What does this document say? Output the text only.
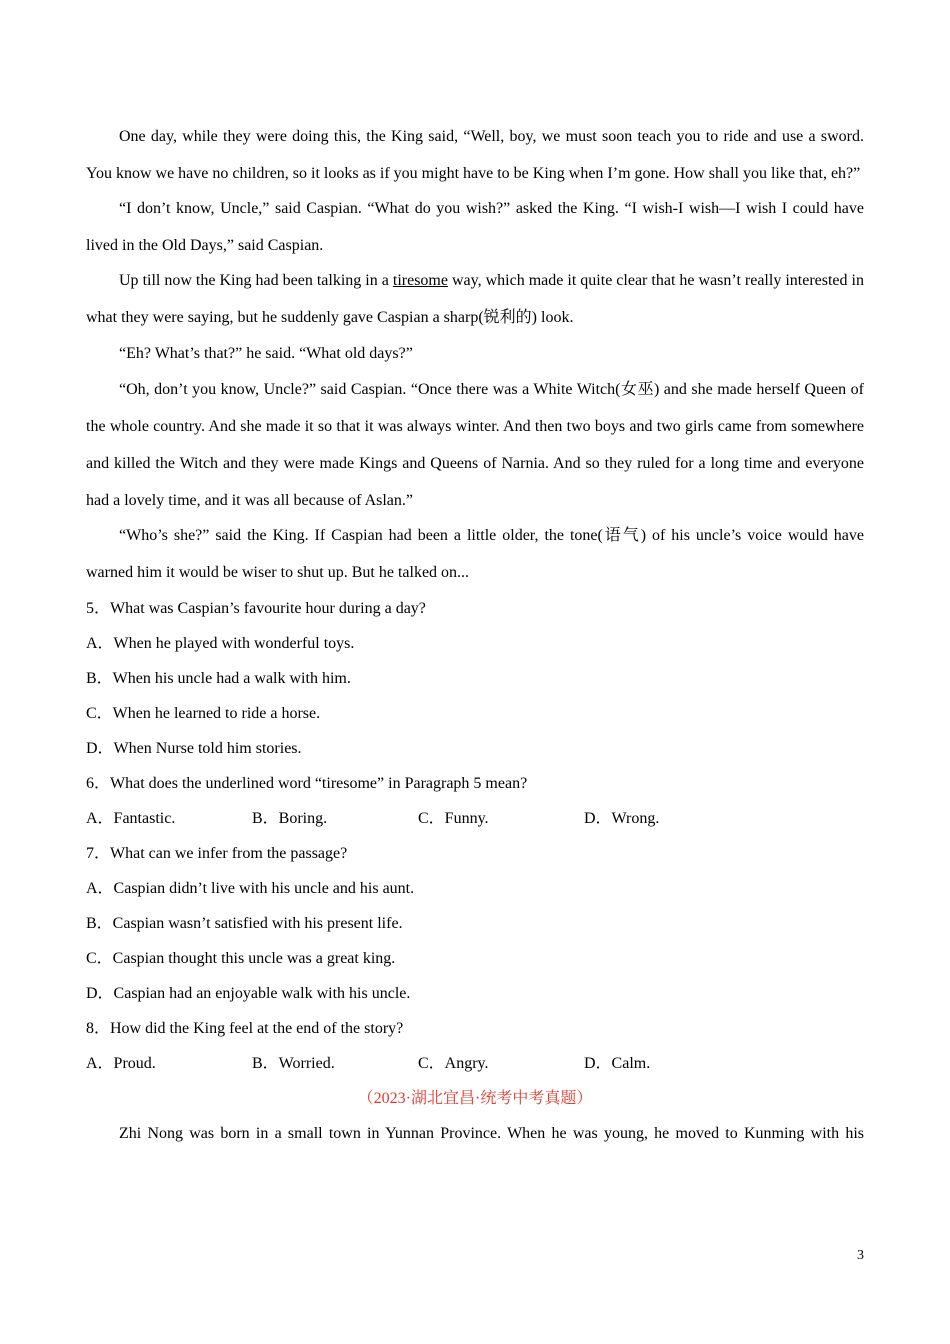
One day, while they were doing this, the King said, “Well, boy, we must soon teach you to ride and use a sword. You know we have no children, so it looks as if you might have to be King when I’m gone. How shall you like that, eh?”

“I don’t know, Uncle,” said Caspian. “What do you wish?” asked the King. “I wish-I wish—I wish I could have lived in the Old Days,” said Caspian.

Up till now the King had been talking in a tiresome way, which made it quite clear that he wasn’t really interested in what they were saying, but he suddenly gave Caspian a sharp(锐利的) look.

“Eh? What’s that?” he said. “What old days?”

“Oh, don’t you know, Uncle?” said Caspian. “Once there was a White Witch(女巫) and she made herself Queen of the whole country. And she made it so that it was always winter. And then two boys and two girls came from somewhere and killed the Witch and they were made Kings and Queens of Narnia. And so they ruled for a long time and everyone had a lovely time, and it was all because of Aslan.”

“Who’s she?” said the King. If Caspian had been a little older, the tone(语气) of his uncle’s voice would have warned him it would be wiser to shut up. But he talked on...

5．What was Caspian’s favourite hour during a day?

A．When he played with wonderful toys.

B．When his uncle had a walk with him.

C．When he learned to ride a horse.

D．When Nurse told him stories.

6．What does the underlined word “tiresome” in Paragraph 5 mean?

A．Fantastic.	B．Boring.	C．Funny.	D．Wrong.

7．What can we infer from the passage?

A．Caspian didn’t live with his uncle and his aunt.

B．Caspian wasn’t satisfied with his present life.

C．Caspian thought this uncle was a great king.

D．Caspian had an enjoyable walk with his uncle.

8．How did the King feel at the end of the story?

A．Proud.	B．Worried.	C．Angry.	D．Calm.

（2023·湖北宜昌·统考中考真题）

Zhi Nong was born in a small town in Yunnan Province. When he was young, he moved to Kunming with his

3
